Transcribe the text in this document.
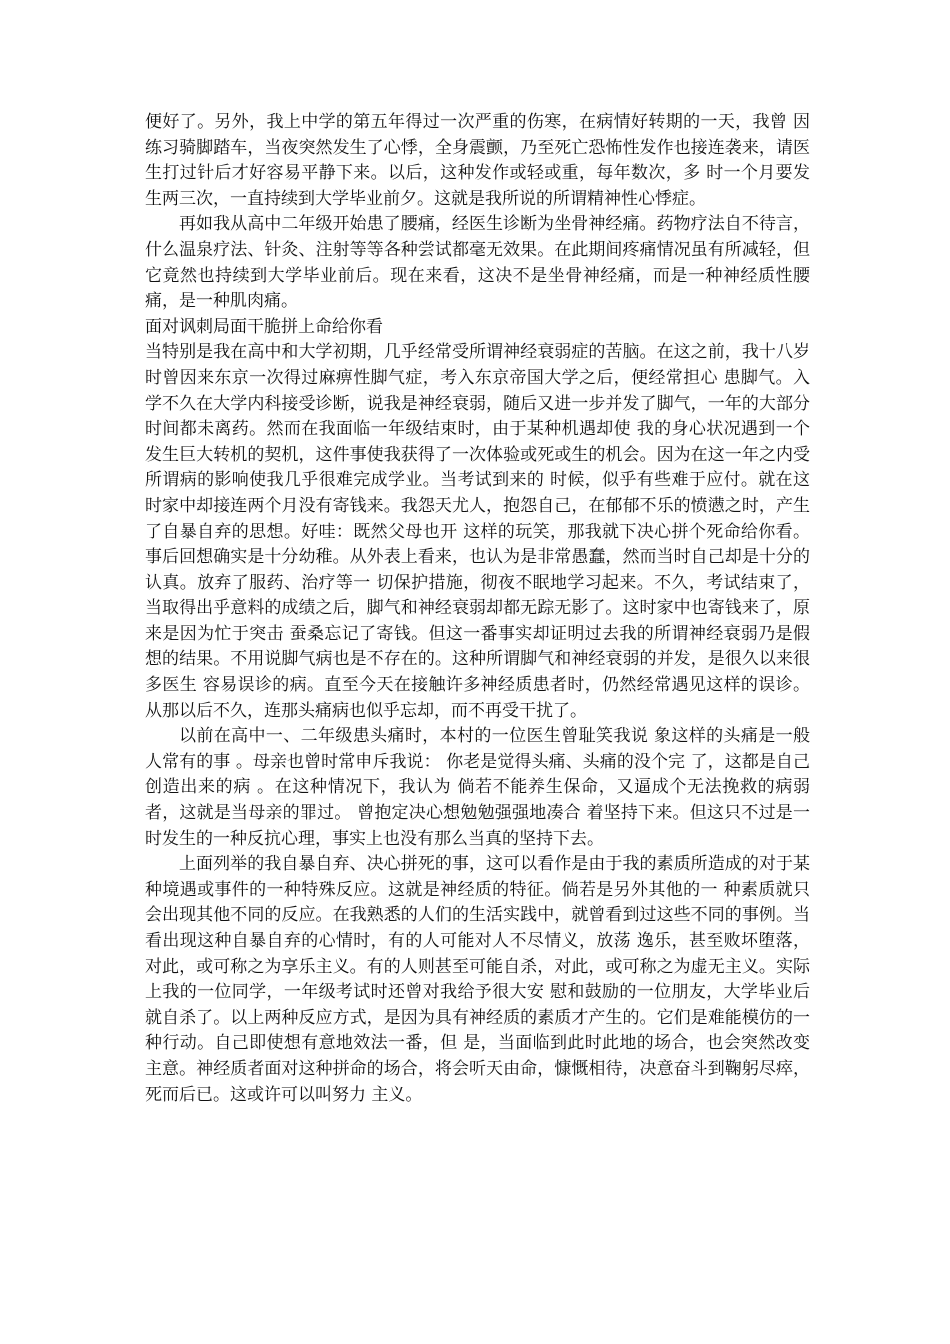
便好了。另外，我上中学的第五年得过一次严重的伤寒，在病情好转期的一天，我曾 因练习骑脚踏车，当夜突然发生了心悸，全身震颤，乃至死亡恐怖性发作也接连袭来，请医生打过针后才好容易平静下来。以后，这种发作或轻或重，每年数次，多 时一个月要发生两三次，一直持续到大学毕业前夕。这就是我所说的所谓精神性心悸症。

再如我从高中二年级开始患了腰痛，经医生诊断为坐骨神经痛。药物疗法自不待言，什么温泉疗法、针灸、注射等等各种尝试都毫无效果。在此期间疼痛情况虽有所减轻，但它竟然也持续到大学毕业前后。现在来看，这决不是坐骨神经痛，而是一种神经质性腰痛，是一种肌肉痛。

面对讽刺局面干脆拼上命给你看

当特别是我在高中和大学初期，几乎经常受所谓神经衰弱症的苦脑。在这之前，我十八岁时曾因来东京一次得过麻痹性脚气症，考入东京帝国大学之后，便经常担心 患脚气。入学不久在大学内科接受诊断，说我是神经衰弱，随后又进一步并发了脚气，一年的大部分时间都未离药。然而在我面临一年级结束时，由于某种机遇却使 我的身心状况遇到一个发生巨大转机的契机，这件事使我获得了一次体验或死或生的机会。因为在这一年之内受所谓病的影响使我几乎很难完成学业。当考试到来的 时候，似乎有些难于应付。就在这时家中却接连两个月没有寄钱来。我怨天尤人，抱怨自己，在郁郁不乐的愤懑之时，产生了自暴自弃的思想。好哇：既然父母也开 这样的玩笑，那我就下决心拼个死命给你看。事后回想确实是十分幼稚。从外表上看来，也认为是非常愚蠢，然而当时自己却是十分的认真。放弃了服药、治疗等一 切保护措施，彻夜不眠地学习起来。不久，考试结束了，当取得出乎意料的成绩之后，脚气和神经衰弱却都无踪无影了。这时家中也寄钱来了，原来是因为忙于突击 蚕桑忘记了寄钱。但这一番事实却证明过去我的所谓神经衰弱乃是假想的结果。不用说脚气病也是不存在的。这种所谓脚气和神经衰弱的并发，是很久以来很多医生 容易误诊的病。直至今天在接触许多神经质患者时，仍然经常遇见这样的误诊。从那以后不久，连那头痛病也似乎忘却，而不再受干扰了。

以前在高中一、二年级患头痛时，本村的一位医生曾耻笑我说 象这样的头痛是一般人常有的事 。母亲也曾时常申斥我说： 你老是觉得头痛、头痛的没个完 了，这都是自己创造出来的病 。在这种情况下，我认为 倘若不能养生保命，又逼成个无法挽救的病弱者，这就是当母亲的罪过。 曾抱定决心想勉勉强强地凑合 着坚持下来。但这只不过是一时发生的一种反抗心理，事实上也没有那么当真的坚持下去。

上面列举的我自暴自弃、决心拼死的事，这可以看作是由于我的素质所造成的对于某种境遇或事件的一种特殊反应。这就是神经质的特征。倘若是另外其他的一 种素质就只会出现其他不同的反应。在我熟悉的人们的生活实践中，就曾看到过这些不同的事例。当看出现这种自暴自弃的心情时，有的人可能对人不尽情义，放荡 逸乐，甚至败坏堕落，对此，或可称之为享乐主义。有的人则甚至可能自杀，对此，或可称之为虚无主义。实际上我的一位同学，一年级考试时还曾对我给予很大安 慰和鼓励的一位朋友，大学毕业后就自杀了。以上两种反应方式，是因为具有神经质的素质才产生的。它们是难能模仿的一种行动。自己即使想有意地效法一番，但 是，当面临到此时此地的场合，也会突然改变主意。神经质者面对这种拼命的场合，将会听天由命，慷慨相待，决意奋斗到鞠躬尽瘁，死而后已。这或许可以叫努力 主义。
